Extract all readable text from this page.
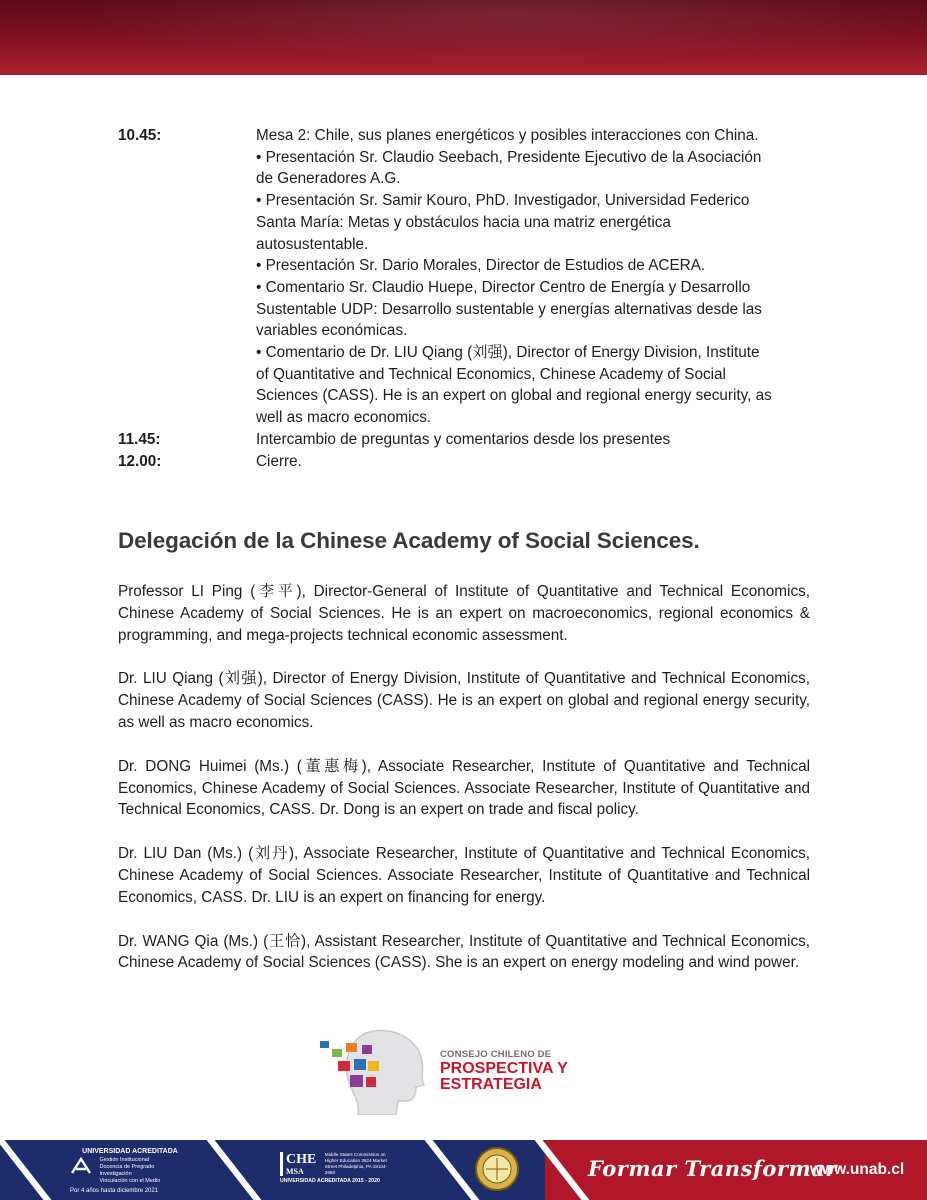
10.45:	Mesa 2: Chile, sus planes energéticos y posibles interacciones con China.
• Presentación Sr. Claudio Seebach, Presidente Ejecutivo de la Asociación
de Generadores A.G.
• Presentación Sr. Samir Kouro, PhD. Investigador, Universidad Federico
Santa María: Metas y obstáculos hacia una matriz energética
autosustentable.
• Presentación Sr. Dario Morales, Director de Estudios de ACERA.
• Comentario Sr. Claudio Huepe, Director Centro de Energía y Desarrollo
Sustentable UDP: Desarrollo sustentable y energías alternativas desde las
variables económicas.
• Comentario de Dr. LIU Qiang (刘强), Director of Energy Division, Institute
of Quantitative and Technical Economics, Chinese Academy of Social
Sciences (CASS). He is an expert on global and regional energy security, as
well as macro economics.
11.45:	Intercambio de preguntas y comentarios desde los presentes
12.00:	Cierre.
Delegación de la Chinese Academy of Social Sciences.

Professor LI Ping (李平), Director-General of Institute of Quantitative and Technical Economics, Chinese Academy of Social Sciences. He is an expert on macroeconomics, regional economics & programming, and mega-projects technical economic assessment.

Dr. LIU Qiang (刘强), Director of Energy Division, Institute of Quantitative and Technical Economics, Chinese Academy of Social Sciences (CASS). He is an expert on global and regional energy security, as well as macro economics.

Dr. DONG Huimei (Ms.) (董惠梅), Associate Researcher, Institute of Quantitative and Technical Economics, Chinese Academy of Social Sciences. Associate Researcher, Institute of Quantitative and Technical Economics, CASS. Dr. Dong is an expert on trade and fiscal policy.

Dr. LIU Dan (Ms.) (刘丹), Associate Researcher, Institute of Quantitative and Technical Economics, Chinese Academy of Social Sciences. Associate Researcher, Institute of Quantitative and Technical Economics, CASS. Dr. LIU is an expert on financing for energy.

Dr. WANG Qia (Ms.) (王恰), Assistant Researcher, Institute of Quantitative and Technical Economics, Chinese Academy of Social Sciences (CASS). She is an expert on energy modeling and wind power.

CONSEJO CHILENO DE
PROSPECTIVA Y
ESTRATEGIA
UNIVERSIDAD ACREDITADA

Gestión Institucional
Docencia de Pregrado
Investigación
Vinculación con el Medio
Por 4 años hasta diciembre 2021
CHE
MSA
Middle States Commission on Higher Education 3624 Market Street Philadelphia, PA 19104-2680
UNIVERSIDAD ACREDITADA 2015 - 2020	Formar Transformar
www.unab.cl
